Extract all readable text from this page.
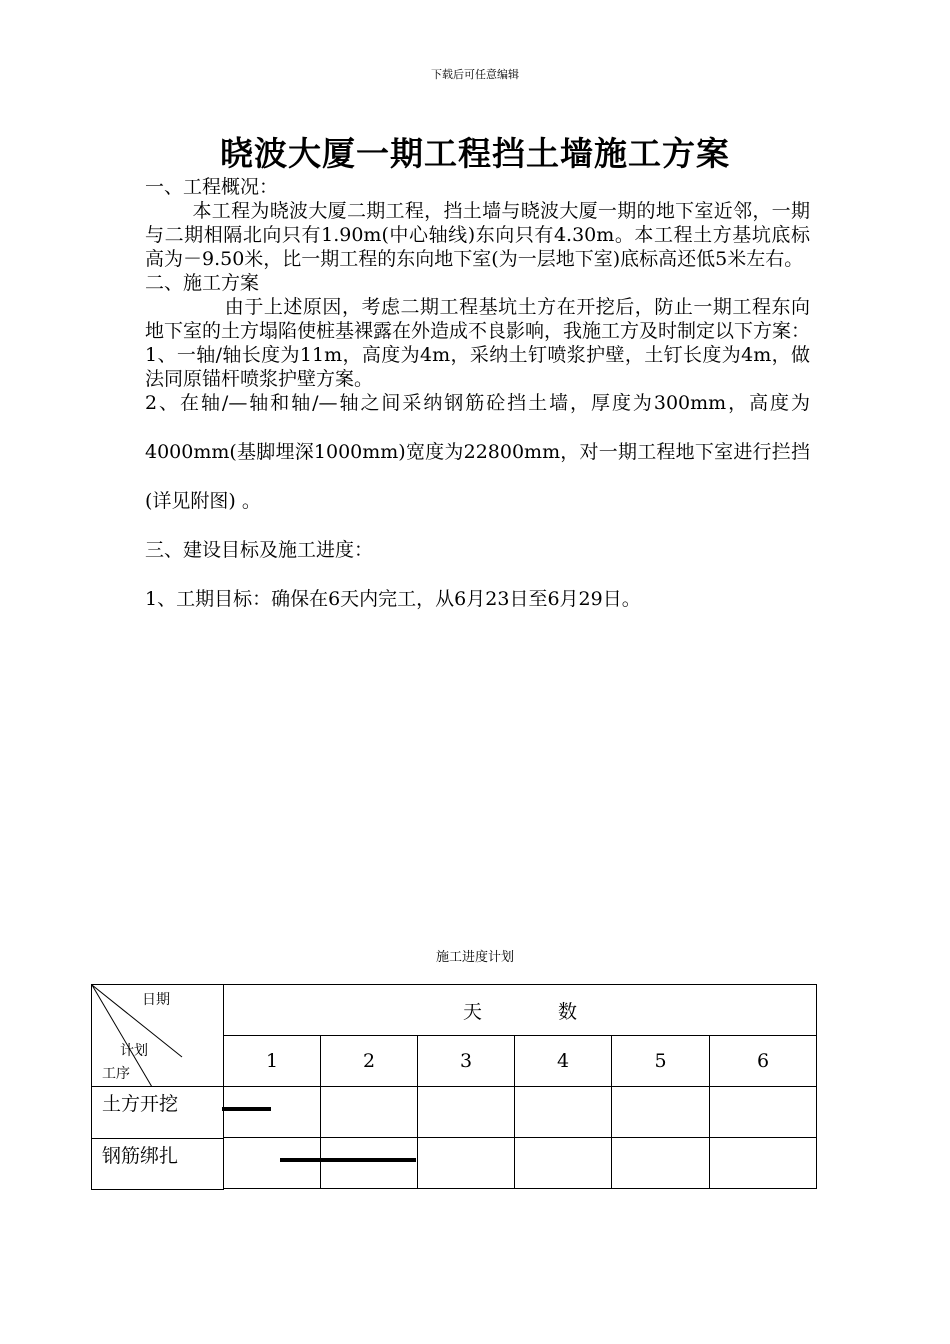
下载后可任意编辑
晓波大厦一期工程挡土墙施工方案

一、工程概况：

本工程为晓波大厦二期工程，挡土墙与晓波大厦一期的地下室近邻，一期与二期相隔北向只有1.90m(中心轴线)东向只有4.30m。本工程土方基坑底标高为－9.50米，比一期工程的东向地下室(为一层地下室)底标高还低5米左右。

二、施工方案

由于上述原因，考虑二期工程基坑土方在开挖后，防止一期工程东向地下室的土方塌陷使桩基裸露在外造成不良影响，我施工方及时制定以下方案：

1、一轴/轴长度为11m，高度为4m，采纳土钉喷浆护壁，土钉长度为4m，做法同原锚杆喷浆护壁方案。

2、在轴/—轴和轴/—轴之间采纳钢筋砼挡土墙，厚度为300mm，高度为4000mm(基脚埋深1000mm)宽度为22800mm，对一期工程地下室进行拦挡 (详见附图) 。

三、建设目标及施工进度：

1、工期目标：确保在6天内完工，从6月23日至6月29日。

施工进度计划
日期
计划
工序	天 数					
	1	2	3	4	5	6

土方开挖						

钢筋绑扎						
